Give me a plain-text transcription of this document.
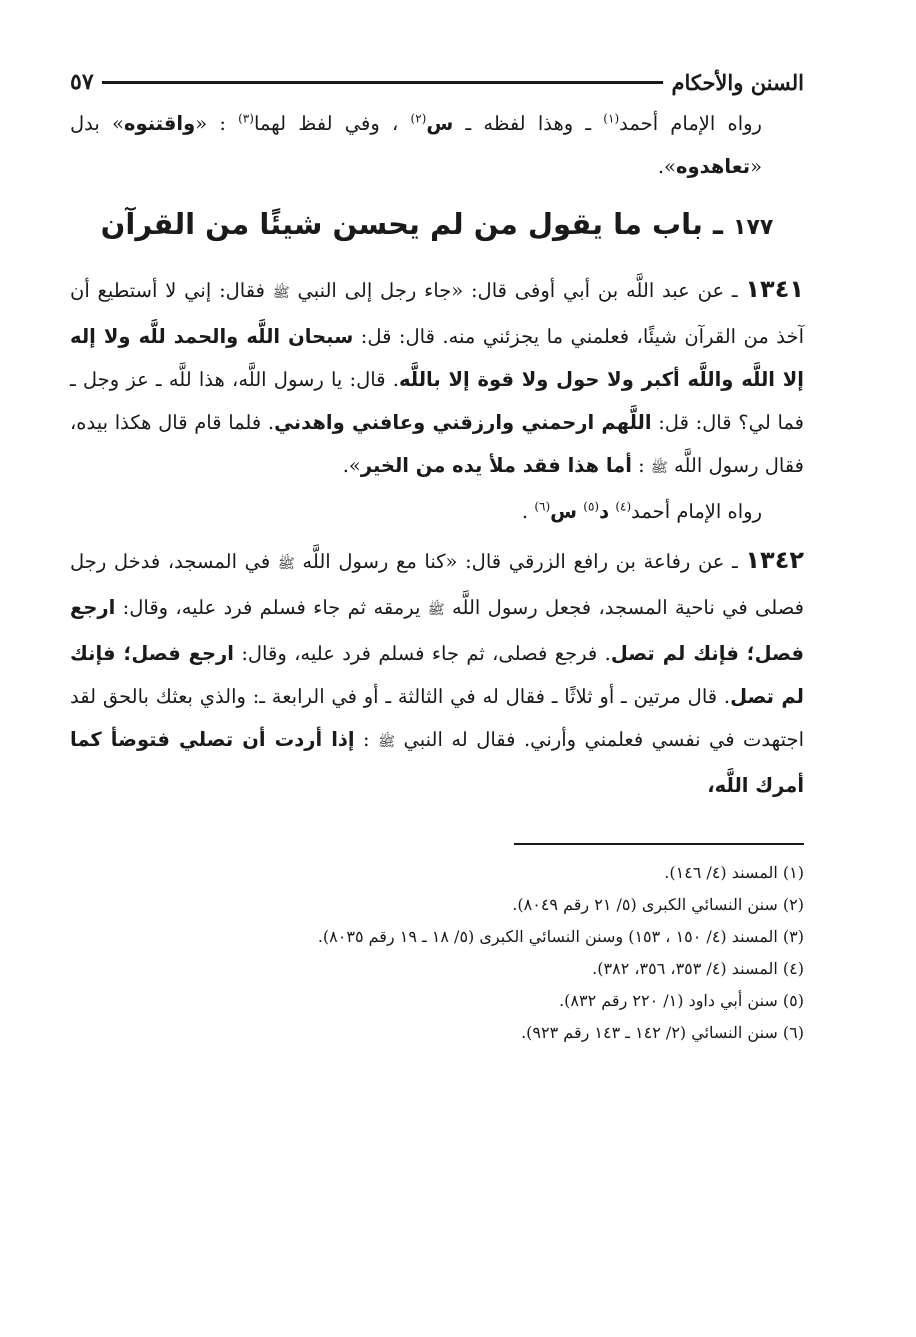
السنن والأحكام
٥٧

رواه الإمام أحمد$^{(١)}$ ـ وهذا لفظه ـ س$^{(٢)}$ ، وفي لفظ لهما$^{(٣)}$ : «واقتنوه» بدل «تعاهدوه».

١٧٧ ـ باب ما يقول من لم يحسن شيئًا من القرآن

١٣٤١ ـ عن عبد اللَّه بن أبي أوفى قال: «جاء رجل إلى النبي ﷺ فقال: إني لا أستطيع أن آخذ من القرآن شيئًا، فعلمني ما يجزئني منه. قال: قل: سبحان اللَّه والحمد للَّه ولا إله إلا اللَّه واللَّه أكبر ولا حول ولا قوة إلا باللَّه. قال: يا رسول اللَّه، هذا للَّه ـ عز وجل ـ فما لي؟ قال: قل: اللَّهم ارحمني وارزقني وعافني واهدني. فلما قام قال هكذا بيده، فقال رسول اللَّه ﷺ : أما هذا فقد ملأ يده من الخير».

رواه الإمام أحمد$^{(٤)}$ د$^{(٥)}$ س$^{(٦)}$ .

١٣٤٢ ـ عن رفاعة بن رافع الزرقي قال: «كنا مع رسول اللَّه ﷺ في المسجد، فدخل رجل فصلى في ناحية المسجد، فجعل رسول اللَّه ﷺ يرمقه ثم جاء فسلم فرد عليه، وقال: ارجع فصل؛ فإنك لم تصل. فرجع فصلى، ثم جاء فسلم فرد عليه، وقال: ارجع فصل؛ فإنك لم تصل. قال مرتين ـ أو ثلاثًا ـ فقال له في الثالثة ـ أو في الرابعة ـ: والذي بعثك بالحق لقد اجتهدت في نفسي فعلمني وأرني. فقال له النبي ﷺ : إذا أردت أن تصلي فتوضأ كما أمرك اللَّه،

(١) المسند (٤/ ١٤٦).
(٢) سنن النسائي الكبرى (٥/ ٢١ رقم ٨٠٤٩).
(٣) المسند (٤/ ١٥٠ ، ١٥٣) وسنن النسائي الكبرى (٥/ ١٨ ـ ١٩ رقم ٨٠٣٥).
(٤) المسند (٤/ ٣٥٣، ٣٥٦، ٣٨٢).
(٥) سنن أبي داود (١/ ٢٢٠ رقم ٨٣٢).
(٦) سنن النسائي (٢/ ١٤٢ ـ ١٤٣ رقم ٩٢٣).
